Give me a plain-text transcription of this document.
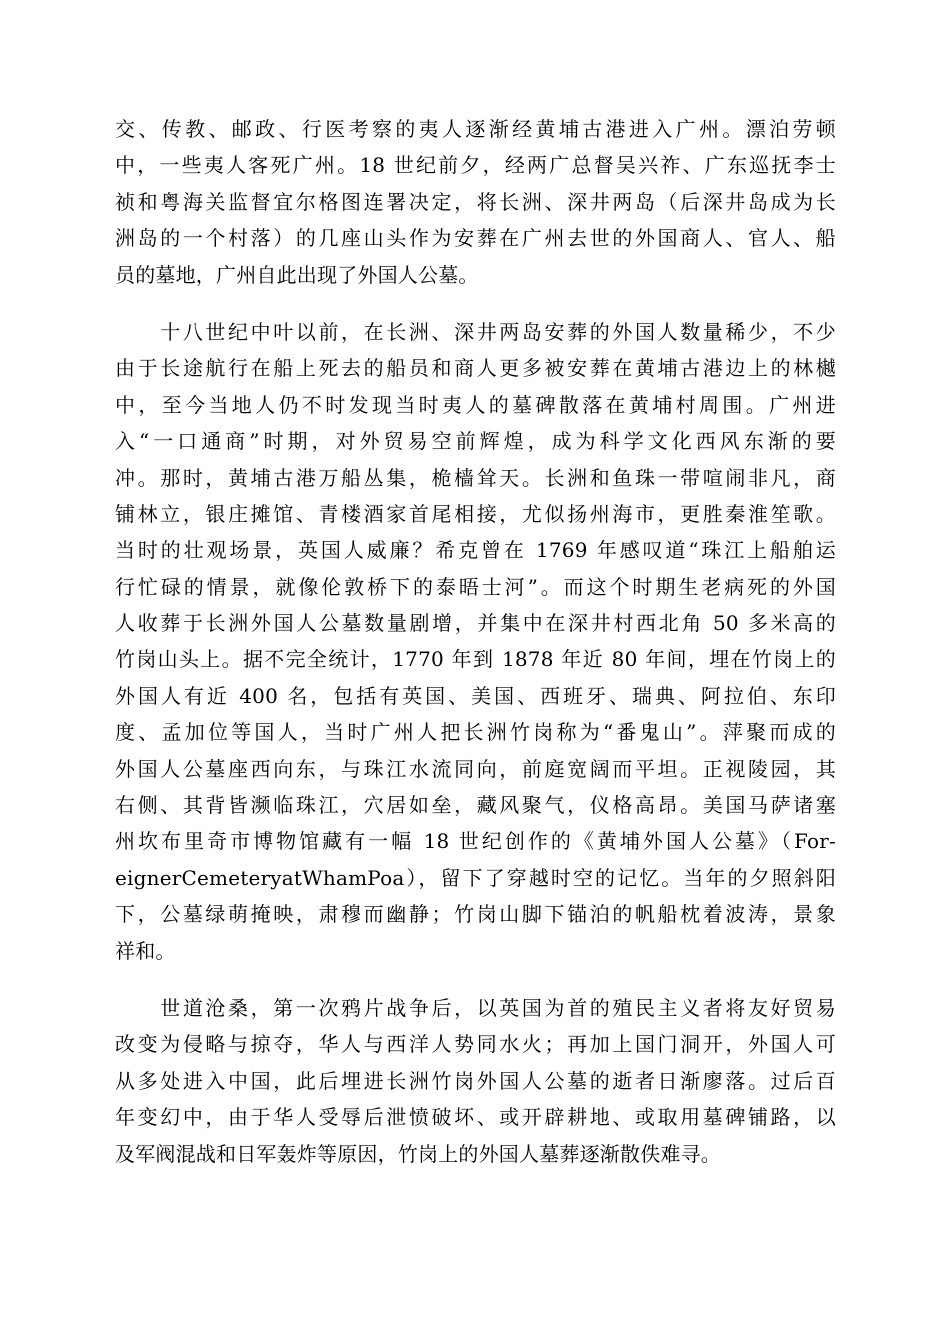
交、传教、邮政、行医考察的夷人逐渐经黄埔古港进入广州。漂泊劳顿
中，一些夷人客死广州。18 世纪前夕，经两广总督吴兴祚、广东巡抚李士
祯和粤海关监督宜尔格图连署决定，将长洲、深井两岛（后深井岛成为长
洲岛的一个村落）的几座山头作为安葬在广州去世的外国商人、官人、船
员的墓地，广州自此出现了外国人公墓。
　　十八世纪中叶以前，在长洲、深井两岛安葬的外国人数量稀少，不少
由于长途航行在船上死去的船员和商人更多被安葬在黄埔古港边上的林樾
中，至今当地人仍不时发现当时夷人的墓碑散落在黄埔村周围。广州进
入“一口通商”时期，对外贸易空前辉煌，成为科学文化西风东渐的要
冲。那时，黄埔古港万船丛集，桅樯耸天。长洲和鱼珠一带喧闹非凡，商
铺林立，银庄摊馆、青楼酒家首尾相接，尤似扬州海市，更胜秦淮笙歌。
当时的壮观场景，英国人威廉？希克曾在 1769 年感叹道“珠江上船舶运
行忙碌的情景，就像伦敦桥下的泰晤士河”。而这个时期生老病死的外国
人收葬于长洲外国人公墓数量剧增，并集中在深井村西北角 50 多米高的
竹岗山头上。据不完全统计，1770 年到 1878 年近 80 年间，埋在竹岗上的
外国人有近 400 名，包括有英国、美国、西班牙、瑞典、阿拉伯、东印
度、孟加位等国人，当时广州人把长洲竹岗称为“番鬼山”。萍聚而成的
外国人公墓座西向东，与珠江水流同向，前庭宽阔而平坦。正视陵园，其
右侧、其背皆濒临珠江，穴居如垒，藏风聚气，仪格高昂。美国马萨诸塞
州坎布里奇市博物馆藏有一幅 18 世纪创作的《黄埔外国人公墓》（For-
eignerCemeteryatWhamPoa），留下了穿越时空的记忆。当年的夕照斜阳
下，公墓绿萌掩映，肃穆而幽静；竹岗山脚下锚泊的帆船枕着波涛，景象
祥和。
　　世道沧桑，第一次鸦片战争后，以英国为首的殖民主义者将友好贸易
改变为侵略与掠夺，华人与西洋人势同水火；再加上国门洞开，外国人可
从多处进入中国，此后埋进长洲竹岗外国人公墓的逝者日渐廖落。过后百
年变幻中，由于华人受辱后泄愤破坏、或开辟耕地、或取用墓碑铺路，以
及军阀混战和日军轰炸等原因，竹岗上的外国人墓葬逐渐散佚难寻。
